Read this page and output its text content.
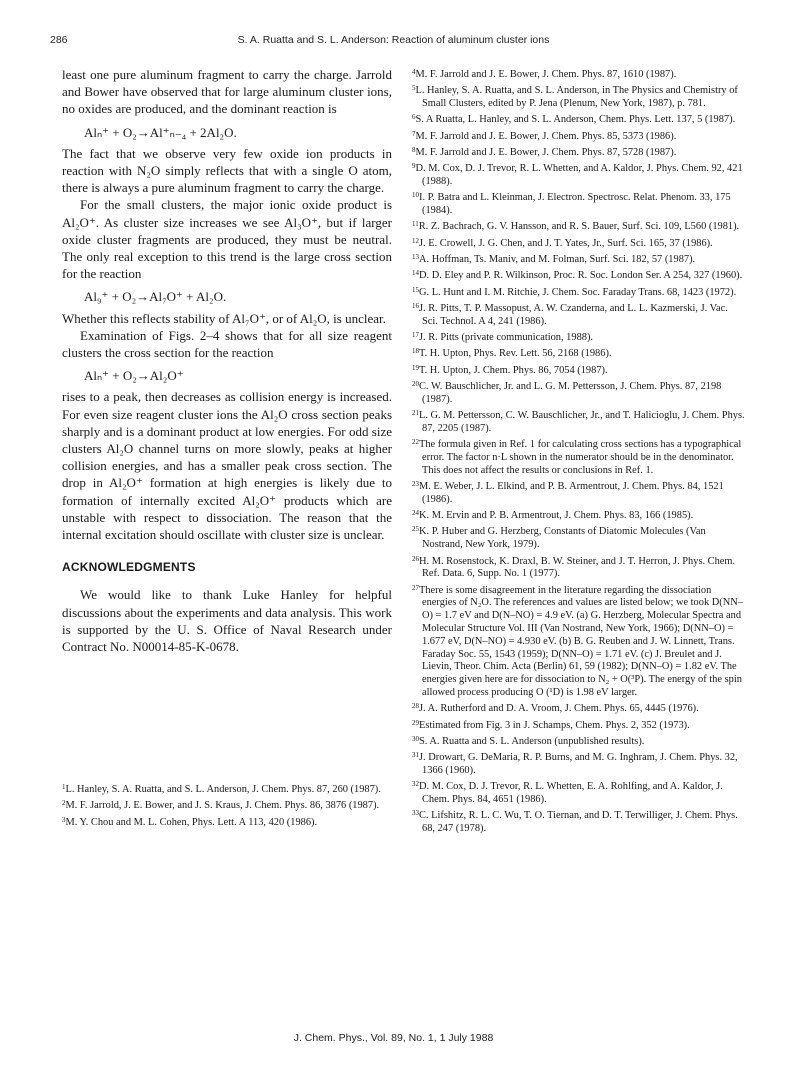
286	S. A. Ruatta and S. L. Anderson: Reaction of aluminum cluster ions

least one pure aluminum fragment to carry the charge. Jarrold and Bower have observed that for large aluminum cluster ions, no oxides are produced, and the dominant reaction is

Alₙ⁺ + O₂→Al⁺ₙ₋₄ + 2Al₂O.

The fact that we observe very few oxide ion products in reaction with N₂O simply reflects that with a single O atom, there is always a pure aluminum fragment to carry the charge.

For the small clusters, the major ionic oxide product is Al₂O⁺. As cluster size increases we see Al₃O⁺, but if larger oxide cluster fragments are produced, they must be neutral. The only real exception to this trend is the large cross section for the reaction

Al₉⁺ + O₂→Al₇O⁺ + Al₂O.

Whether this reflects stability of Al₇O⁺, or of Al₂O, is unclear.

Examination of Figs. 2–4 shows that for all size reagent clusters the cross section for the reaction

Alₙ⁺ + O₂→Al₂O⁺

rises to a peak, then decreases as collision energy is increased. For even size reagent cluster ions the Al₂O cross section peaks sharply and is a dominant product at low energies. For odd size clusters Al₂O channel turns on more slowly, peaks at higher collision energies, and has a smaller peak cross section. The drop in Al₂O⁺ formation at high energies is likely due to formation of internally excited Al₂O⁺ products which are unstable with respect to dissociation. The reason that the internal excitation should oscillate with cluster size is unclear.

ACKNOWLEDGMENTS

We would like to thank Luke Hanley for helpful discussions about the experiments and data analysis. This work is supported by the U. S. Office of Naval Research under Contract No. N00014-85-K-0678.

$^1$L. Hanley, S. A. Ruatta, and S. L. Anderson, J. Chem. Phys. 87, 260 (1987).
$^2$M. F. Jarrold, J. E. Bower, and J. S. Kraus, J. Chem. Phys. 86, 3876 (1987).
$^3$M. Y. Chou and M. L. Cohen, Phys. Lett. A 113, 420 (1986).
$^4$M. F. Jarrold and J. E. Bower, J. Chem. Phys. 87, 1610 (1987).
$^5$L. Hanley, S. A. Ruatta, and S. L. Anderson, in The Physics and Chemistry of Small Clusters, edited by P. Jena (Plenum, New York, 1987), p. 781.
$^6$S. A Ruatta, L. Hanley, and S. L. Anderson, Chem. Phys. Lett. 137, 5 (1987).
$^7$M. F. Jarrold and J. E. Bower, J. Chem. Phys. 85, 5373 (1986).
$^8$M. F. Jarrold and J. E. Bower, J. Chem. Phys. 87, 5728 (1987).
$^9$D. M. Cox, D. J. Trevor, R. L. Whetten, and A. Kaldor, J. Phys. Chem. 92, 421 (1988).
$^{10}$I. P. Batra and L. Kleinman, J. Electron. Spectrosc. Relat. Phenom. 33, 175 (1984).
$^{11}$R. Z. Bachrach, G. V. Hansson, and R. S. Bauer, Surf. Sci. 109, L560 (1981).
$^{12}$J. E. Crowell, J. G. Chen, and J. T. Yates, Jr., Surf. Sci. 165, 37 (1986).
$^{13}$A. Hoffman, Ts. Maniv, and M. Folman, Surf. Sci. 182, 57 (1987).
$^{14}$D. D. Eley and P. R. Wilkinson, Proc. R. Soc. London Ser. A 254, 327 (1960).
$^{15}$G. L. Hunt and I. M. Ritchie, J. Chem. Soc. Faraday Trans. 68, 1423 (1972).
$^{16}$J. R. Pitts, T. P. Massopust, A. W. Czanderna, and L. L. Kazmerski, J. Vac. Sci. Technol. A 4, 241 (1986).
$^{17}$J. R. Pitts (private communication, 1988).
$^{18}$T. H. Upton, Phys. Rev. Lett. 56, 2168 (1986).
$^{19}$T. H. Upton, J. Chem. Phys. 86, 7054 (1987).
$^{20}$C. W. Bauschlicher, Jr. and L. G. M. Pettersson, J. Chem. Phys. 87, 2198 (1987).
$^{21}$L. G. M. Pettersson, C. W. Bauschlicher, Jr., and T. Halicioglu, J. Chem. Phys. 87, 2205 (1987).
$^{22}$The formula given in Ref. 1 for calculating cross sections has a typographical error. The factor n·L shown in the numerator should be in the denominator. This does not affect the results or conclusions in Ref. 1.
$^{23}$M. E. Weber, J. L. Elkind, and P. B. Armentrout, J. Chem. Phys. 84, 1521 (1986).
$^{24}$K. M. Ervin and P. B. Armentrout, J. Chem. Phys. 83, 166 (1985).
$^{25}$K. P. Huber and G. Herzberg, Constants of Diatomic Molecules (Van Nostrand, New York, 1979).
$^{26}$H. M. Rosenstock, K. Draxl, B. W. Steiner, and J. T. Herron, J. Phys. Chem. Ref. Data. 6, Supp. No. 1 (1977).
$^{27}$There is some disagreement in the literature regarding the dissociation energies of N₂O. The references and values are listed below; we took D(NN–O) = 1.7 eV and D(N–NO) = 4.9 eV. (a) G. Herzberg, Molecular Spectra and Molecular Structure Vol. III (Van Nostrand, New York, 1966); D(NN–O) = 1.677 eV, D(N–NO) = 4.930 eV. (b) B. G. Reuben and J. W. Linnett, Trans. Faraday Soc. 55, 1543 (1959); D(NN–O) = 1.71 eV. (c) J. Breulet and J. Lievin, Theor. Chim. Acta (Berlin) 61, 59 (1982); D(NN–O) = 1.82 eV. The energies given here are for dissociation to N₂ + O(³P). The energy of the spin allowed process producing O (¹D) is 1.98 eV larger.
$^{28}$J. A. Rutherford and D. A. Vroom, J. Chem. Phys. 65, 4445 (1976).
$^{29}$Estimated from Fig. 3 in J. Schamps, Chem. Phys. 2, 352 (1973).
$^{30}$S. A. Ruatta and S. L. Anderson (unpublished results).
$^{31}$J. Drowart, G. DeMaria, R. P. Burns, and M. G. Inghram, J. Chem. Phys. 32, 1366 (1960).
$^{32}$D. M. Cox, D. J. Trevor, R. L. Whetten, E. A. Rohlfing, and A. Kaldor, J. Chem. Phys. 84, 4651 (1986).
$^{33}$C. Lifshitz, R. L. C. Wu, T. O. Tiernan, and D. T. Terwilliger, J. Chem. Phys. 68, 247 (1978).
J. Chem. Phys., Vol. 89, No. 1, 1 July 1988
